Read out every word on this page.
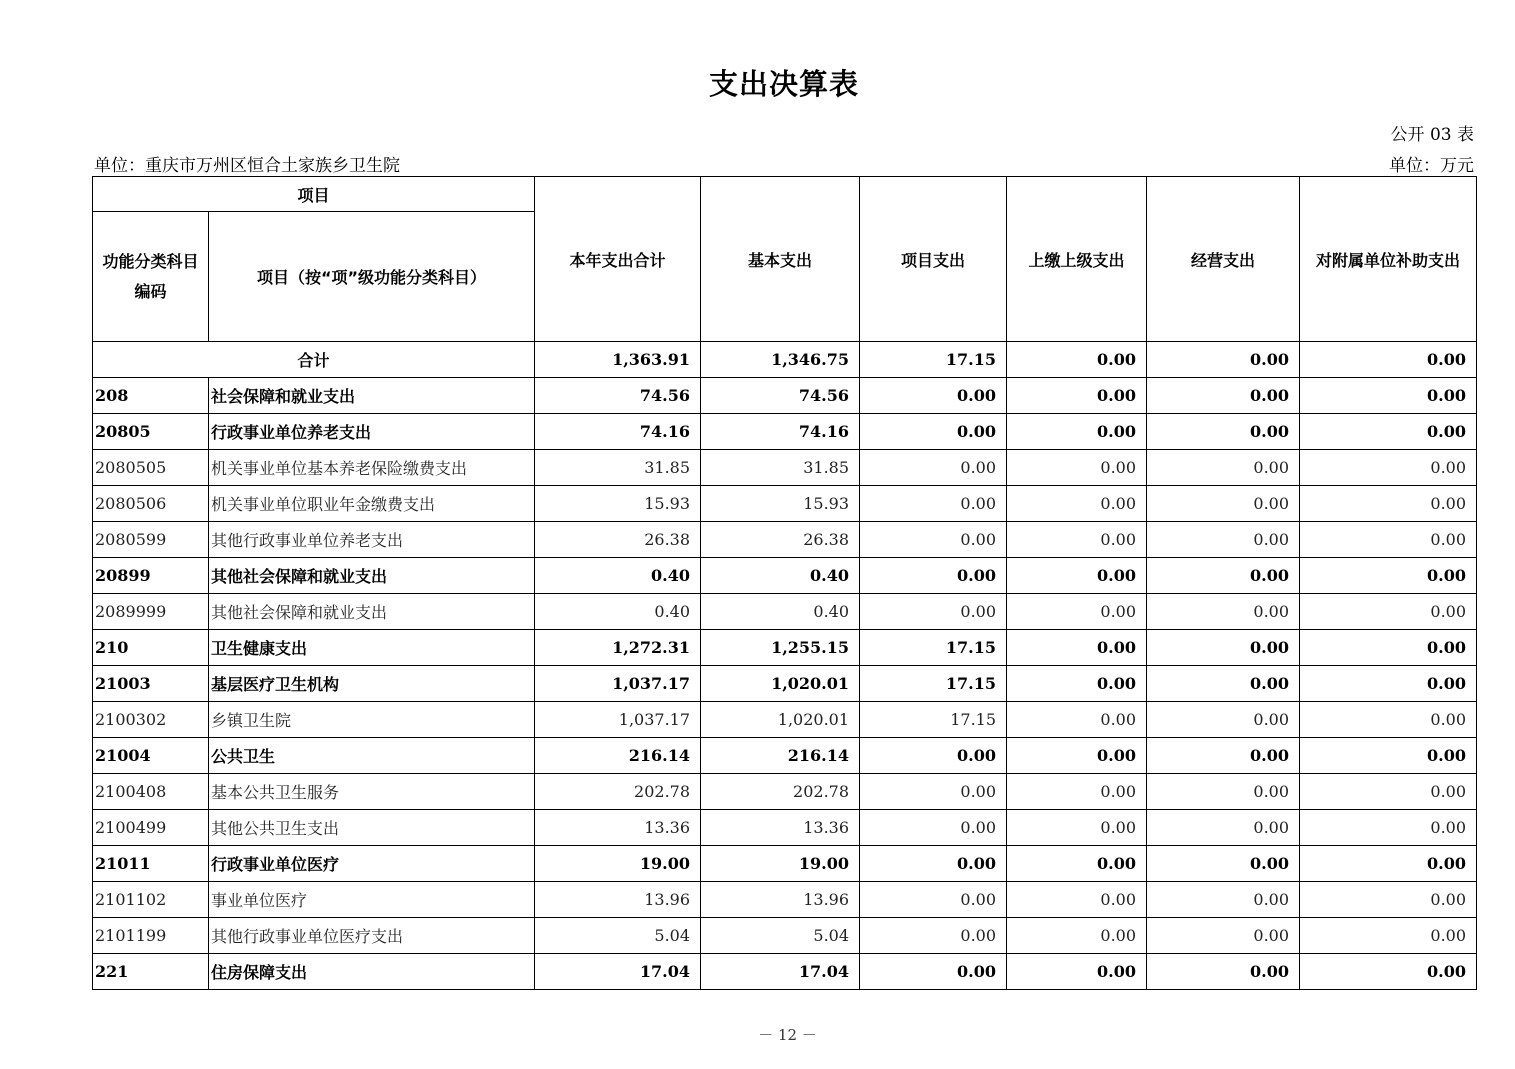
支出决算表
公开 03 表
单位：重庆市万州区恒合土家族乡卫生院	单位：万元
项目		本年支出合计	基本支出	项目支出	上缴上级支出	经营支出	对附属单位补助支出
功能分类科目编码	项目（按“项”级功能分类科目）						
合计		1,363.91	1,346.75	17.15	0.00	0.00	0.00
208	社会保障和就业支出	74.56	74.56	0.00	0.00	0.00	0.00
20805	行政事业单位养老支出	74.16	74.16	0.00	0.00	0.00	0.00
2080505	机关事业单位基本养老保险缴费支出	31.85	31.85	0.00	0.00	0.00	0.00
2080506	机关事业单位职业年金缴费支出	15.93	15.93	0.00	0.00	0.00	0.00
2080599	其他行政事业单位养老支出	26.38	26.38	0.00	0.00	0.00	0.00
20899	其他社会保障和就业支出	0.40	0.40	0.00	0.00	0.00	0.00
2089999	其他社会保障和就业支出	0.40	0.40	0.00	0.00	0.00	0.00
210	卫生健康支出	1,272.31	1,255.15	17.15	0.00	0.00	0.00
21003	基层医疗卫生机构	1,037.17	1,020.01	17.15	0.00	0.00	0.00
2100302	乡镇卫生院	1,037.17	1,020.01	17.15	0.00	0.00	0.00
21004	公共卫生	216.14	216.14	0.00	0.00	0.00	0.00
2100408	基本公共卫生服务	202.78	202.78	0.00	0.00	0.00	0.00
2100499	其他公共卫生支出	13.36	13.36	0.00	0.00	0.00	0.00
21011	行政事业单位医疗	19.00	19.00	0.00	0.00	0.00	0.00
2101102	事业单位医疗	13.96	13.96	0.00	0.00	0.00	0.00
2101199	其他行政事业单位医疗支出	5.04	5.04	0.00	0.00	0.00	0.00
221	住房保障支出	17.04	17.04	0.00	0.00	0.00	0.00
－ 12 －
